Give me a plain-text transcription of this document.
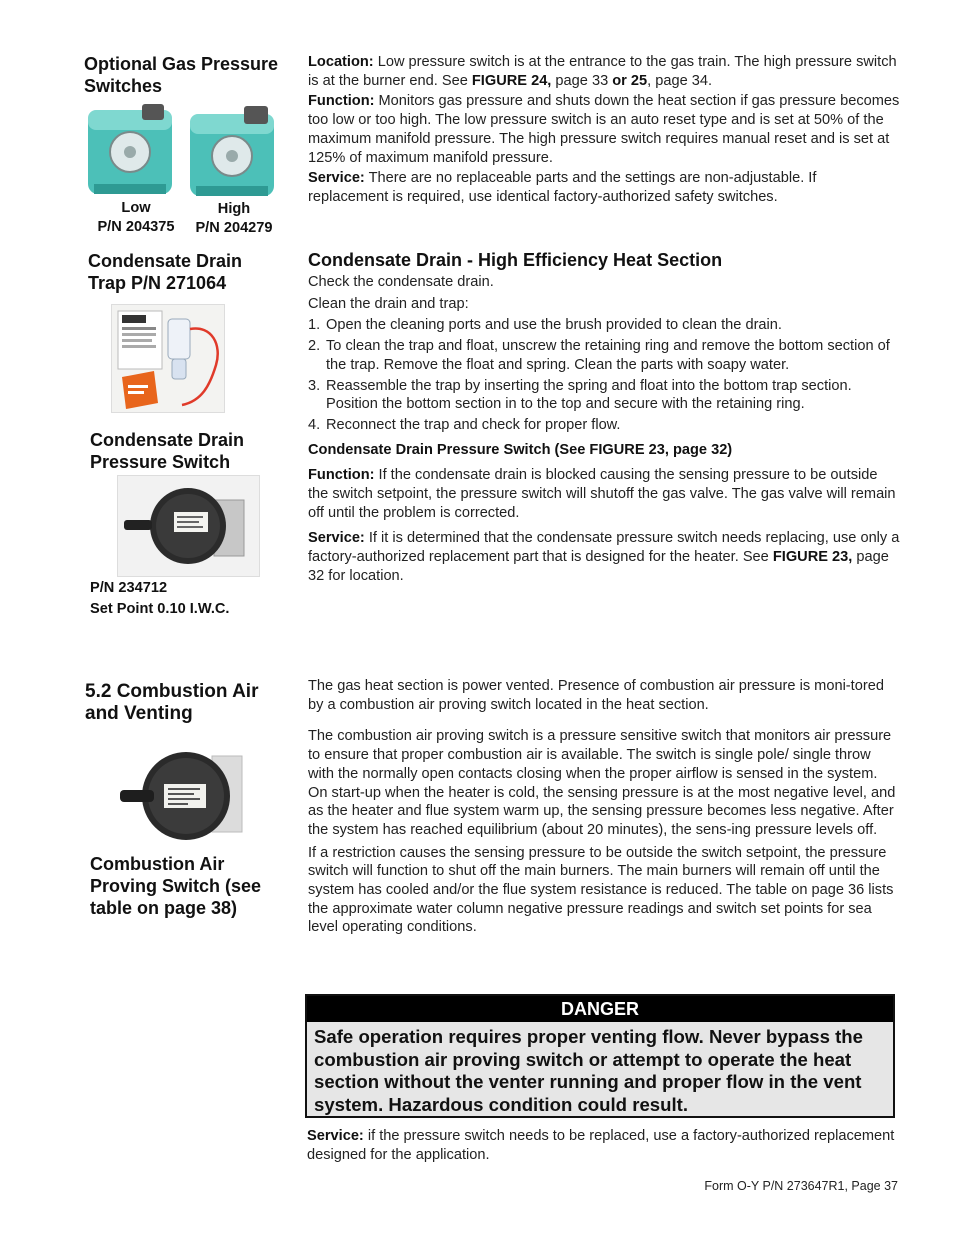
Optional Gas Pressure Switches
Low
P/N 204375
High
P/N 204279
Condensate Drain Trap P/N 271064
Condensate Drain Pressure Switch
P/N 234712
Set Point 0.10 I.W.C.
5.2 Combustion Air and Venting
Combustion Air Proving Switch (see table on page 38)

Location: Low pressure switch is at the entrance to the gas train. The high pressure switch is at the burner end. See FIGURE 24, page 33 or 25, page 34.

Function: Monitors gas pressure and shuts down the heat section if gas pressure becomes too low or too high. The low pressure switch is an auto reset type and is set at 50% of the maximum manifold pressure. The high pressure switch requires manual reset and is set at 125% of maximum manifold pressure.

Service: There are no replaceable parts and the settings are non-adjustable. If replacement is required, use identical factory-authorized safety switches.

Condensate Drain - High Efficiency Heat Section

Check the condensate drain.

Clean the drain and trap:

1. Open the cleaning ports and use the brush provided to clean the drain.
2. To clean the trap and float, unscrew the retaining ring and remove the bottom section of the trap. Remove the float and spring. Clean the parts with soapy water.
3. Reassemble the trap by inserting the spring and float into the bottom trap section. Position the bottom section in to the top and secure with the retaining ring.
4. Reconnect the trap and check for proper flow.

Condensate Drain Pressure Switch (See FIGURE 23, page 32)

Function: If the condensate drain is blocked causing the sensing pressure to be outside the switch setpoint, the pressure switch will shutoff the gas valve. The gas valve will remain off until the problem is corrected.

Service: If it is determined that the condensate pressure switch needs replacing, use only a factory-authorized replacement part that is designed for the heater. See FIGURE 23, page 32 for location.

The gas heat section is power vented. Presence of combustion air pressure is moni-tored by a combustion air proving switch located in the heat section.

The combustion air proving switch is a pressure sensitive switch that monitors air pressure to ensure that proper combustion air is available. The switch is single pole/ single throw with the normally open contacts closing when the proper airflow is sensed in the system.

On start-up when the heater is cold, the sensing pressure is at the most negative level, and as the heater and flue system warm up, the sensing pressure becomes less negative. After the system has reached equilibrium (about 20 minutes), the sens-ing pressure levels off.

If a restriction causes the sensing pressure to be outside the switch setpoint, the pressure switch will function to shut off the main burners. The main burners will remain off until the system has cooled and/or the flue system resistance is reduced. The table on page 36 lists the approximate water column negative pressure readings and switch set points for sea level operating conditions.

DANGER
Safe operation requires proper venting flow. Never bypass the combustion air proving switch or attempt to operate the heat section without the venter running and proper flow in the vent system. Hazardous condition could result.
Service: if the pressure switch needs to be replaced, use a factory-authorized replacement designed for the application.
Form O-Y P/N 273647R1, Page 37
